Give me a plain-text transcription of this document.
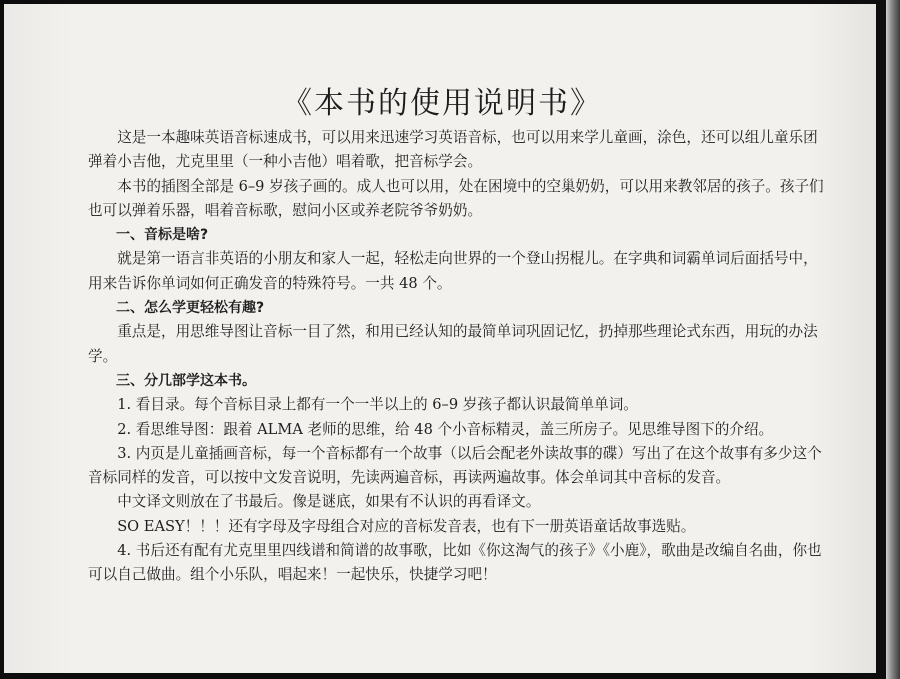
《本书的使用说明书》

这是一本趣味英语音标速成书，可以用来迅速学习英语音标，也可以用来学儿童画，涂色，还可以组儿童乐团弹着小吉他，尤克里里（一种小吉他）唱着歌，把音标学会。

本书的插图全部是 6–9 岁孩子画的。成人也可以用，处在困境中的空巢奶奶，可以用来教邻居的孩子。孩子们也可以弹着乐器，唱着音标歌，慰问小区或养老院爷爷奶奶。

一、音标是啥?

就是第一语言非英语的小朋友和家人一起，轻松走向世界的一个登山拐棍儿。在字典和词霸单词后面括号中，用来告诉你单词如何正确发音的特殊符号。一共 48 个。

二、怎么学更轻松有趣?

重点是，用思维导图让音标一目了然，和用已经认知的最简单词巩固记忆，扔掉那些理论式东西，用玩的办法学。

三、分几部学这本书。

1. 看目录。每个音标目录上都有一个一半以上的 6–9 岁孩子都认识最简单单词。

2. 看思维导图：跟着 ALMA 老师的思维，给 48 个小音标精灵，盖三所房子。见思维导图下的介绍。

3. 内页是儿童插画音标，每一个音标都有一个故事（以后会配老外读故事的碟）写出了在这个故事有多少这个音标同样的发音，可以按中文发音说明，先读两遍音标，再读两遍故事。体会单词其中音标的发音。

中文译文则放在了书最后。像是谜底，如果有不认识的再看译文。

SO EASY！！！还有字母及字母组合对应的音标发音表，也有下一册英语童话故事选贴。

4. 书后还有配有尤克里里四线谱和简谱的故事歌，比如《你这淘气的孩子》《小鹿》，歌曲是改编自名曲，你也可以自己做曲。组个小乐队，唱起来！一起快乐，快捷学习吧！
